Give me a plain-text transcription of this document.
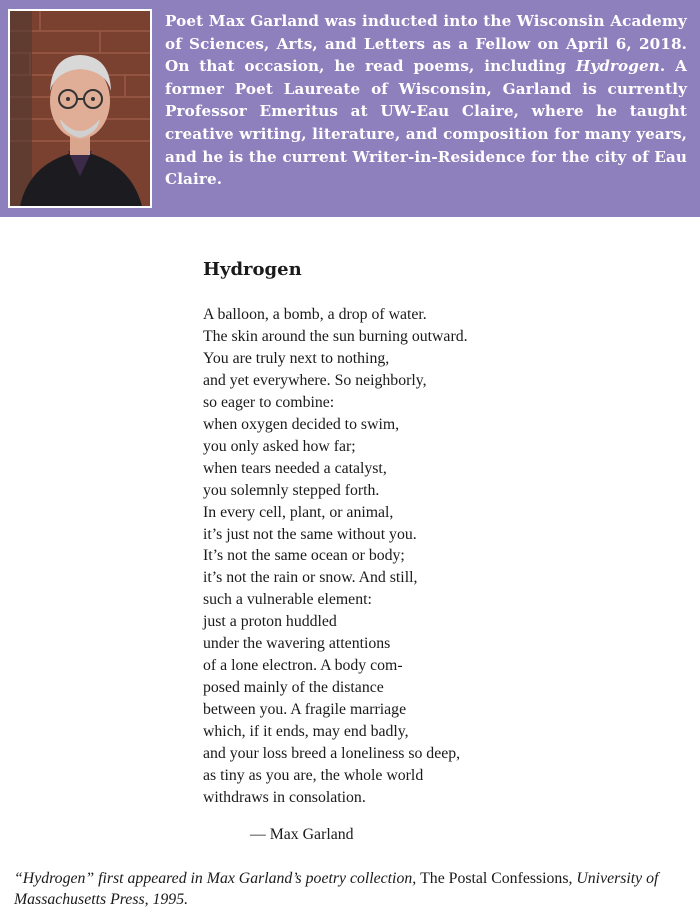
Poet Max Garland was inducted into the Wisconsin Academy of Sciences, Arts, and Letters as a Fellow on April 6, 2018. On that occasion, he read poems, including Hydrogen. A former Poet Laureate of Wisconsin, Garland is currently Professor Emeritus at UW-Eau Claire, where he taught creative writing, literature, and composition for many years, and he is the current Writer-in-Residence for the city of Eau Claire.

Hydrogen
A balloon, a bomb, a drop of water.
The skin around the sun burning outward.
You are truly next to nothing,
and yet everywhere. So neighborly,
so eager to combine:
when oxygen decided to swim,
you only asked how far;
when tears needed a catalyst,
you solemnly stepped forth.
In every cell, plant, or animal,
it’s just not the same without you.
It’s not the same ocean or body;
it’s not the rain or snow. And still,
such a vulnerable element:
just a proton huddled
under the wavering attentions
of a lone electron. A body com-
posed mainly of the distance
between you. A fragile marriage
which, if it ends, may end badly,
and your loss breed a loneliness so deep,
as tiny as you are, the whole world
withdraws in consolation.

— Max Garland

“Hydrogen” first appeared in Max Garland’s poetry collection, The Postal Confessions, University of Massachusetts Press, 1995.
